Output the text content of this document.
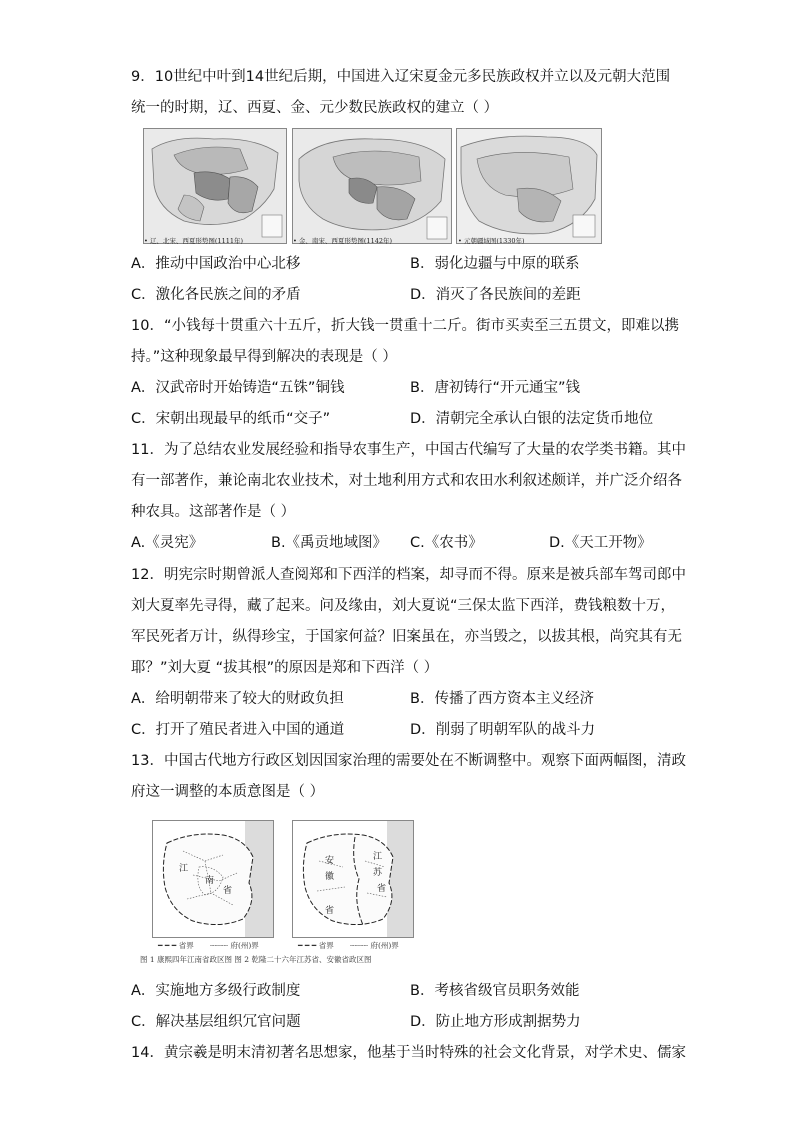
9．10世纪中叶到14世纪后期，中国进入辽宋夏金元多民族政权并立以及元朝大范围
统一的时期，辽、西夏、金、元少数民族政权的建立（ ）
• 辽、北宋、西夏形势图(1111年)	• 金、南宋、西夏形势图(1142年)	• 元朝疆域图(1330年)
A．推动中国政治中心北移	B．弱化边疆与中原的联系
C．激化各民族之间的矛盾	D．消灭了各民族间的差距
10．“小钱每十贯重六十五斤，折大钱一贯重十二斤。街市买卖至三五贯文，即难以携
持。”这种现象最早得到解决的表现是（ ）
A．汉武帝时开始铸造“五铢”铜钱	B．唐初铸行“开元通宝”钱
C．宋朝出现最早的纸币“交子”	D．清朝完全承认白银的法定货币地位
11．为了总结农业发展经验和指导农事生产，中国古代编写了大量的农学类书籍。其中
有一部著作，兼论南北农业技术，对土地利用方式和农田水利叙述颇详，并广泛介绍各
种农具。这部著作是（ ）
A.《灵宪》	B.《禹贡地域图》 C.《农书》	D.《天工开物》
12．明宪宗时期曾派人查阅郑和下西洋的档案，却寻而不得。原来是被兵部车驾司郎中
刘大夏率先寻得，藏了起来。问及缘由，刘大夏说“三保太监下西洋，费钱粮数十万，
军民死者万计，纵得珍宝，于国家何益？旧案虽在，亦当毁之，以拔其根，尚究其有无
耶？”刘大夏 “拔其根”的原因是郑和下西洋（ ）
A．给明朝带来了较大的财政负担	B．传播了西方资本主义经济
C．打开了殖民者进入中国的通道	D．削弱了明朝军队的战斗力
13．中国古代地方行政区划因国家治理的需要处在不断调整中。观察下面两幅图，清政
府这一调整的本质意图是（ ）
江
南
省
安
徽
省
江
苏
省
━ ━ ━ 省界 ┄┄┄┄ 府(州)界	━ ━ ━ 省界 ┄┄┄┄ 府(州)界
图 1 康熙四年江南省政区图 图 2 乾隆二十六年江苏省、安徽省政区图
A．实施地方多级行政制度	B．考核省级官员职务效能
C．解决基层组织冗官问题	D．防止地方形成割据势力
14．黄宗羲是明末清初著名思想家，他基于当时特殊的社会文化背景，对学术史、儒家
